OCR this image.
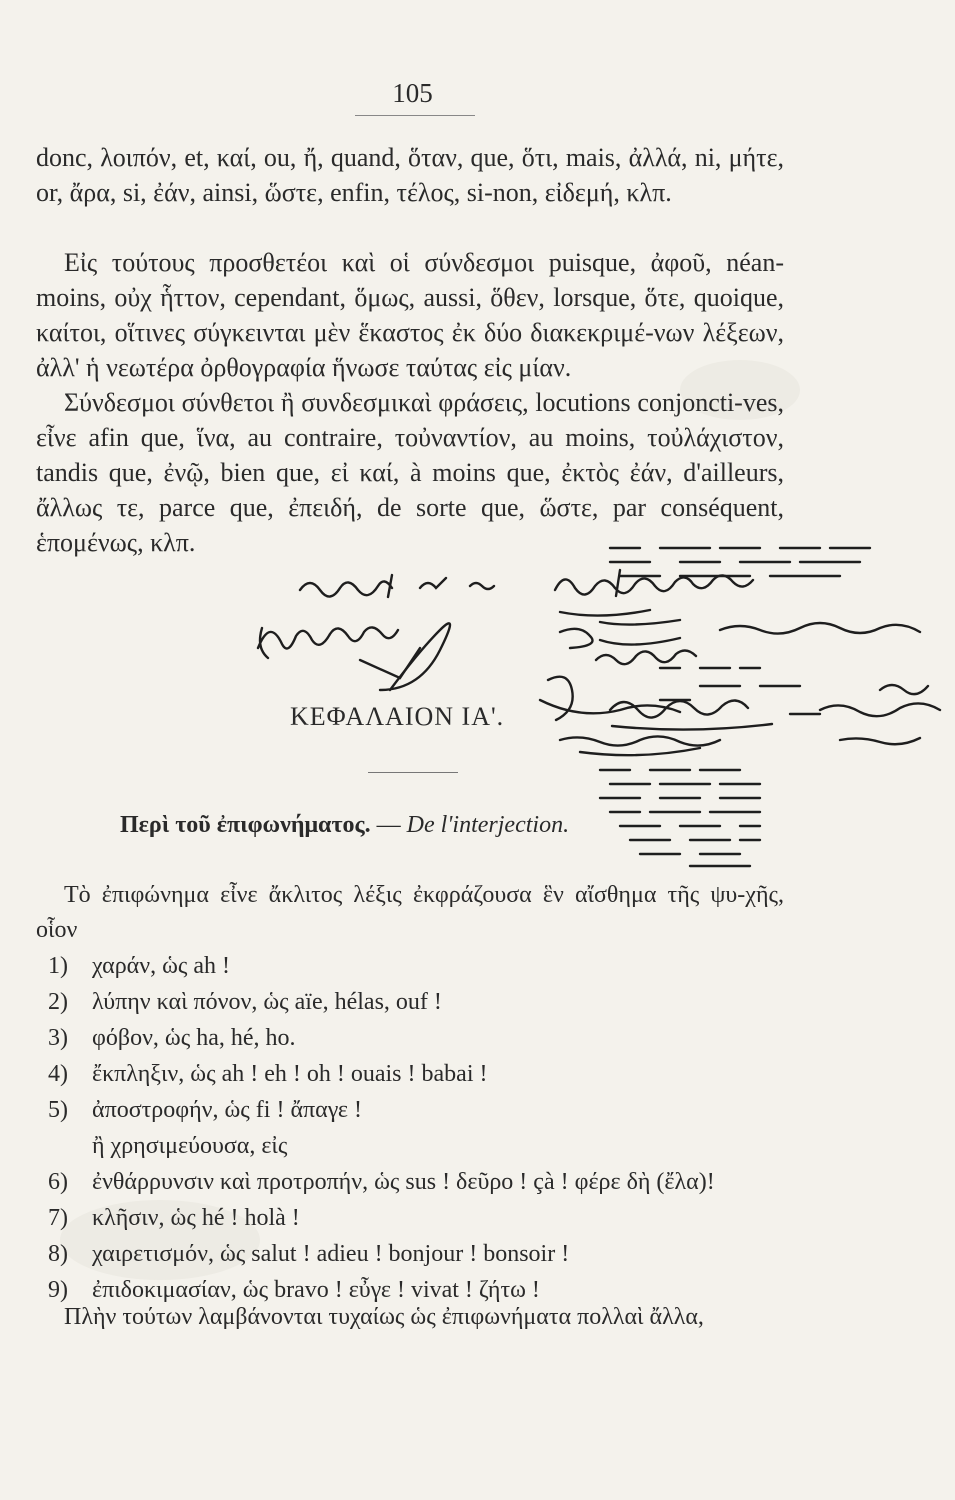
105
donc, λοιπόν, et, καί, ou, ἤ, quand, ὅταν, que, ὅτι, mais, ἀλλά, ni, μήτε, or, ἄρα, si, ἐάν, ainsi, ὥστε, enfin, τέλος, si-non, εἰδεμή, κλπ.
Εἰς τούτους προσθετέοι καὶ οἱ σύνδεσμοι puisque, ἀφοῦ, néan-moins, οὐχ ἧττον, cependant, ὅμως, aussi, ὅθεν, lorsque, ὅτε, quoique, καίτοι, οἵτινες σύγκεινται μὲν ἕκαστος ἐκ δύο διακεκριμέ-νων λέξεων, ἀλλ' ἡ νεωτέρα ὀρθογραφία ἥνωσε ταύτας εἰς μίαν.
Σύνδεσμοι σύνθετοι ἢ συνδεσμικαὶ φράσεις, locutions conjoncti-ves, εἶνε afin que, ἵνα, au contraire, τοὐναντίον, au moins, τοὐλάχιστον, tandis que, ἐνῷ, bien que, εἰ καί, à moins que, ἐκτὸς ἐάν, d'ailleurs, ἄλλως τε, parce que, ἐπειδή, de sorte que, ὥστε, par conséquent, ἑπομένως, κλπ.
ΚΕΦΑΛΑΙΟΝ ΙΑ'.
Περὶ τοῦ ἐπιφωνήματος. — De l'interjection.
Τὸ ἐπιφώνημα εἶνε ἄκλιτος λέξις ἐκφράζουσα ἓν αἴσθημα τῆς ψυ-χῆς, οἷον
1) χαράν, ὡς ah !
2) λύπην καὶ πόνον, ὡς aïe, hélas, ouf !
3) φόβον, ὡς ha, hé, ho.
4) ἔκπληξιν, ὡς ah ! eh ! oh ! ouais ! babai !
5) ἀποστροφήν, ὡς fi ! ἄπαγε !
ἢ χρησιμεύουσα, εἰς
6) ἐνθάρρυνσιν καὶ προτροπήν, ὡς sus ! δεῦρο ! çà ! φέρε δὴ (ἔλα)!
7) κλῆσιν, ὡς hé ! holà !
8) χαιρετισμόν, ὡς salut ! adieu ! bonjour ! bonsoir !
9) ἐπιδοκιμασίαν, ὡς bravo ! εὖγε ! vivat ! ζήτω !
Πλὴν τούτων λαμβάνονται τυχαίως ὡς ἐπιφωνήματα πολλαὶ ἄλλα,
